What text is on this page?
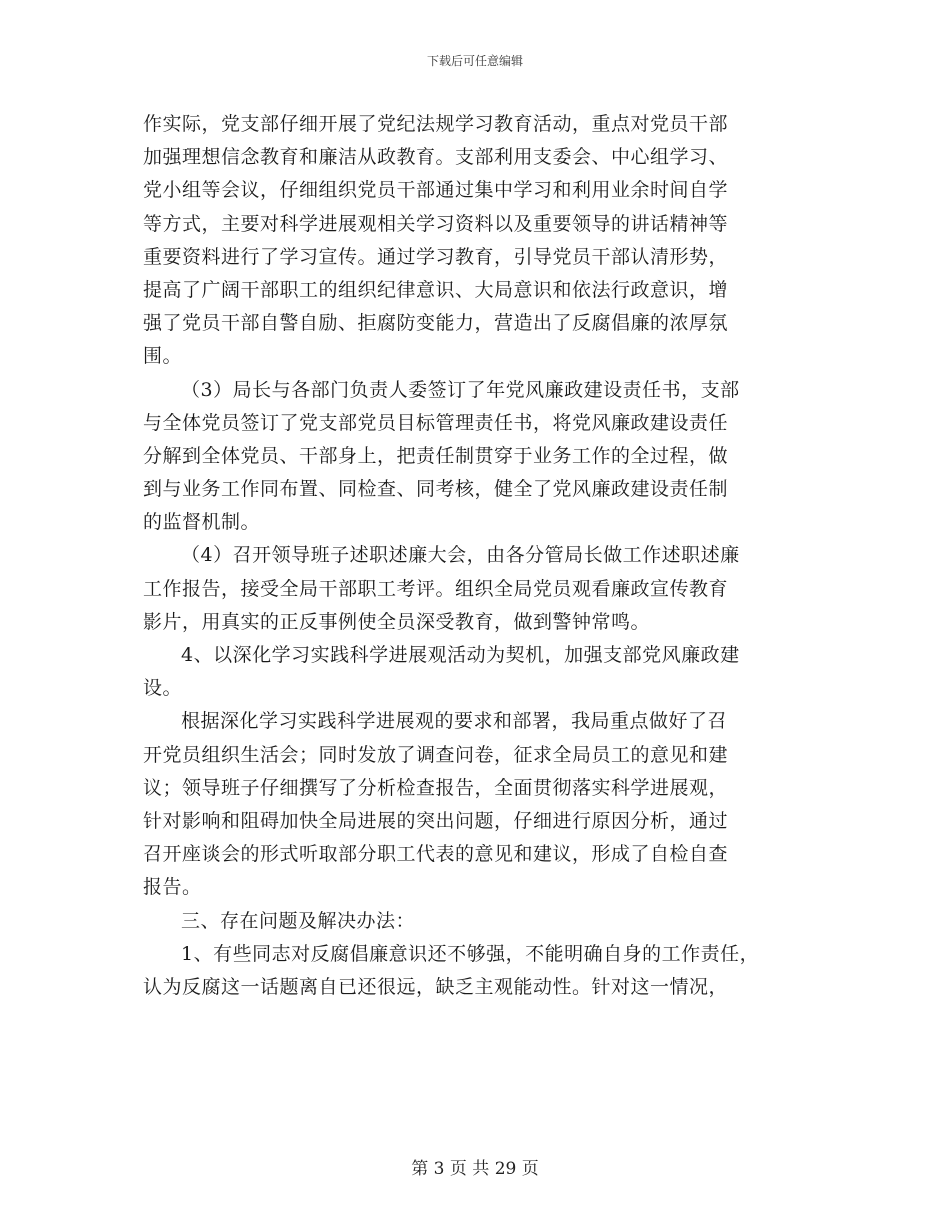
下载后可任意编辑
作实际，党支部仔细开展了党纪法规学习教育活动，重点对党员干部
加强理想信念教育和廉洁从政教育。支部利用支委会、中心组学习、
党小组等会议，仔细组织党员干部通过集中学习和利用业余时间自学
等方式，主要对科学进展观相关学习资料以及重要领导的讲话精神等
重要资料进行了学习宣传。通过学习教育，引导党员干部认清形势，
提高了广阔干部职工的组织纪律意识、大局意识和依法行政意识，增
强了党员干部自警自励、拒腐防变能力，营造出了反腐倡廉的浓厚氛
围。
（3）局长与各部门负责人委签订了年党风廉政建设责任书，支部
与全体党员签订了党支部党员目标管理责任书，将党风廉政建设责任
分解到全体党员、干部身上，把责任制贯穿于业务工作的全过程，做
到与业务工作同布置、同检查、同考核，健全了党风廉政建设责任制
的监督机制。
（4）召开领导班子述职述廉大会，由各分管局长做工作述职述廉
工作报告，接受全局干部职工考评。组织全局党员观看廉政宣传教育
影片，用真实的正反事例使全员深受教育，做到警钟常鸣。
4、以深化学习实践科学进展观活动为契机，加强支部党风廉政建
设。
根据深化学习实践科学进展观的要求和部署，我局重点做好了召
开党员组织生活会；同时发放了调查问卷，征求全局员工的意见和建
议；领导班子仔细撰写了分析检查报告，全面贯彻落实科学进展观，
针对影响和阻碍加快全局进展的突出问题，仔细进行原因分析，通过
召开座谈会的形式听取部分职工代表的意见和建议，形成了自检自查
报告。
三、存在问题及解决办法：
1、有些同志对反腐倡廉意识还不够强，不能明确自身的工作责任，
认为反腐这一话题离自已还很远，缺乏主观能动性。针对这一情况，
第 3 页 共 29 页
